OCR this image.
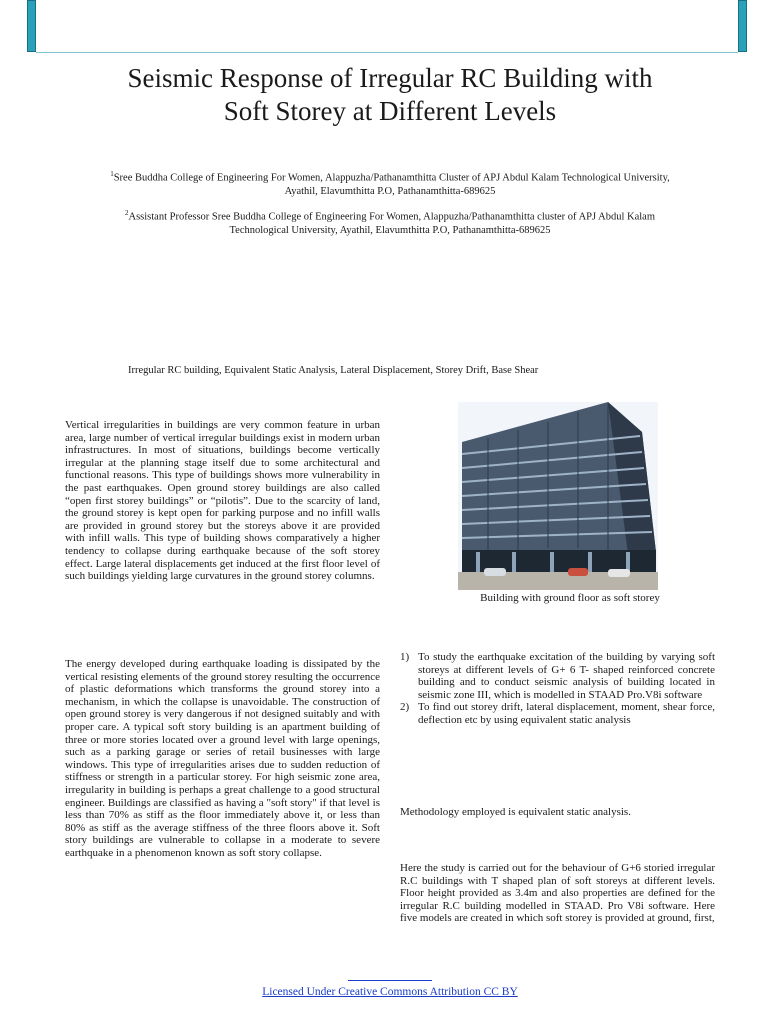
Seismic Response of Irregular RC Building with
Soft Storey at Different Levels

$^1$Sree Buddha College of Engineering For Women, Alappuzha/Pathanamthitta Cluster of APJ Abdul Kalam Technological University,
Ayathil, Elavumthitta P.O, Pathanamthitta-689625

$^2$Assistant Professor Sree Buddha College of Engineering For Women, Alappuzha/Pathanamthitta cluster of APJ Abdul Kalam
Technological University, Ayathil, Elavumthitta P.O, Pathanamthitta-689625

Irregular RC building, Equivalent Static Analysis, Lateral Displacement, Storey Drift, Base Shear

Vertical irregularities in buildings are very common feature in urban area, large number of vertical irregular buildings exist in modern urban infrastructures. In most of situations, buildings become vertically irregular at the planning stage itself due to some architectural and functional reasons. This type of buildings shows more vulnerability in the past earthquakes. Open ground storey buildings are also called “open first storey buildings” or “pilotis”. Due to the scarcity of land, the ground storey is kept open for parking purpose and no infill walls are provided in ground storey but the storeys above it are provided with infill walls. This type of building shows comparatively a higher tendency to collapse during earthquake because of the soft storey effect. Large lateral displacements get induced at the first floor level of such buildings yielding large curvatures in the ground storey columns.

The energy developed during earthquake loading is dissipated by the vertical resisting elements of the ground storey resulting the occurrence of plastic deformations which transforms the ground storey into a mechanism, in which the collapse is unavoidable. The construction of open ground storey is very dangerous if not designed suitably and with proper care. A typical soft story building is an apartment building of three or more stories located over a ground level with large openings, such as a parking garage or series of retail businesses with large windows. This type of irregularities arises due to sudden reduction of stiffness or strength in a particular storey. For high seismic zone area, irregularity in building is perhaps a great challenge to a good structural engineer. Buildings are classified as having a "soft story" if that level is less than 70% as stiff as the floor immediately above it, or less than 80% as stiff as the average stiffness of the three floors above it. Soft story buildings are vulnerable to collapse in a moderate to severe earthquake in a phenomenon known as soft story collapse.

Building with ground floor as soft storey

1) To study the earthquake excitation of the building by varying soft storeys at different levels of G+ 6 T- shaped reinforced concrete building and to conduct seismic analysis of building located in seismic zone III, which is modelled in STAAD Pro.V8i software
2) To find out storey drift, lateral displacement, moment, shear force, deflection etc by using equivalent static analysis

Methodology employed is equivalent static analysis.

Here the study is carried out for the behaviour of G+6 storied irregular R.C buildings with T shaped plan of soft storeys at different levels. Floor height provided as 3.4m and also properties are defined for the irregular R.C building modelled in STAAD. Pro V8i software. Here five models are created in which soft storey is provided at ground, first,

Licensed Under Creative Commons Attribution CC BY
